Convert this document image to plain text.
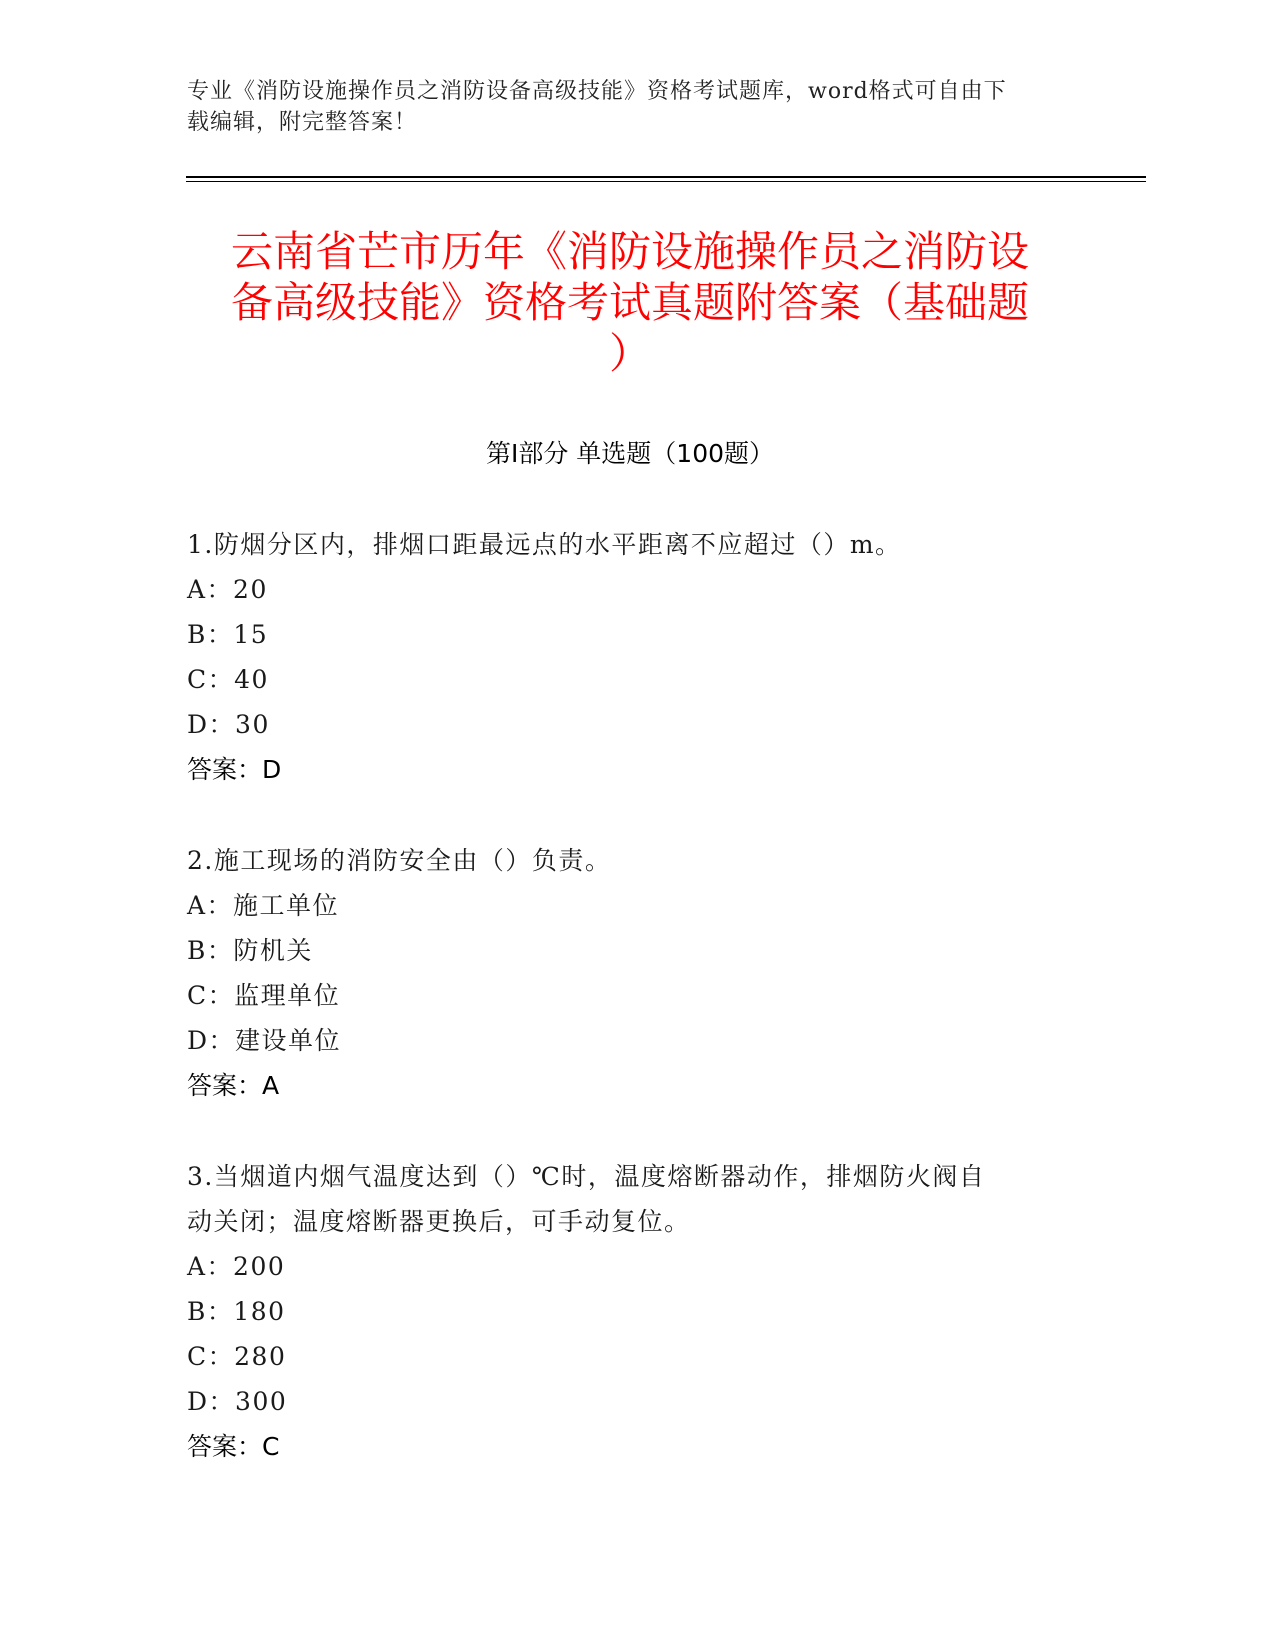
专业《消防设施操作员之消防设备高级技能》资格考试题库，word格式可自由下
载编辑，附完整答案！
云南省芒市历年《消防设施操作员之消防设
备高级技能》资格考试真题附答案（基础题
）
第I部分 单选题（100题）
1.防烟分区内，排烟口距最远点的水平距离不应超过（）m。
A：20
B：15
C：40
D：30
答案：D
2.施工现场的消防安全由（）负责。
A：施工单位
B：防机关
C：监理单位
D：建设单位
答案：A
3.当烟道内烟气温度达到（）℃时，温度熔断器动作，排烟防火阀自
动关闭；温度熔断器更换后，可手动复位。
A：200
B：180
C：280
D：300
答案：C
